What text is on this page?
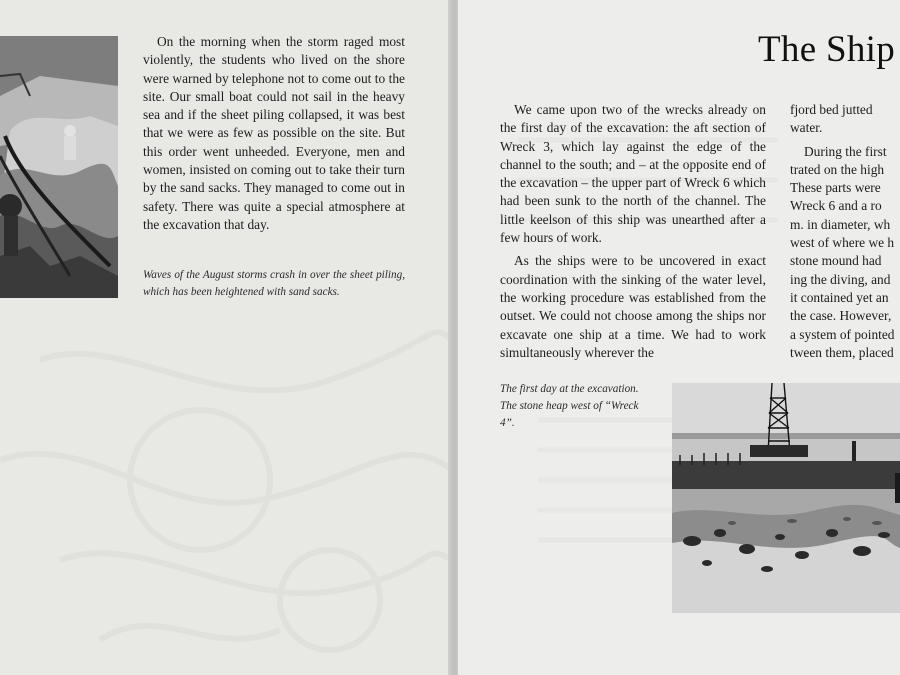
On the morning when the storm raged most violently, the students who lived on the shore were warned by telephone not to come out to the site. Our small boat could not sail in the heavy sea and if the sheet piling collapsed, it was best that we were as few as possible on the site. But this order went unheeded. Everyone, men and women, insisted on coming out to take their turn by the sand sacks. They managed to come out in safety. There was quite a special atmosphere at the excavation that day.

Waves of the August storms crash in over the sheet piling, which has been heightened with sand sacks.
The Ship

We came upon two of the wrecks already on the first day of the excavation: the aft section of Wreck 3, which lay against the edge of the channel to the south; and – at the opposite end of the excavation – the upper part of Wreck 6 which had been sunk to the north of the channel. The little keelson of this ship was unearthed after a few hours of work.

As the ships were to be uncovered in exact coordination with the sinking of the water level, the working procedure was established from the outset. We could not choose among the ships nor excavate one ship at a time. We had to work simultaneously wherever the

fjord bed jutted
water.
During the first
trated on the high
These parts were
Wreck 6 and a ro
m. in diameter, wh
west of where we h
stone mound had
ing the diving, and
it contained yet an
the case. However,
a system of pointed
tween them, placed
The first day at the excavation. The stone heap west of “Wreck 4”.
